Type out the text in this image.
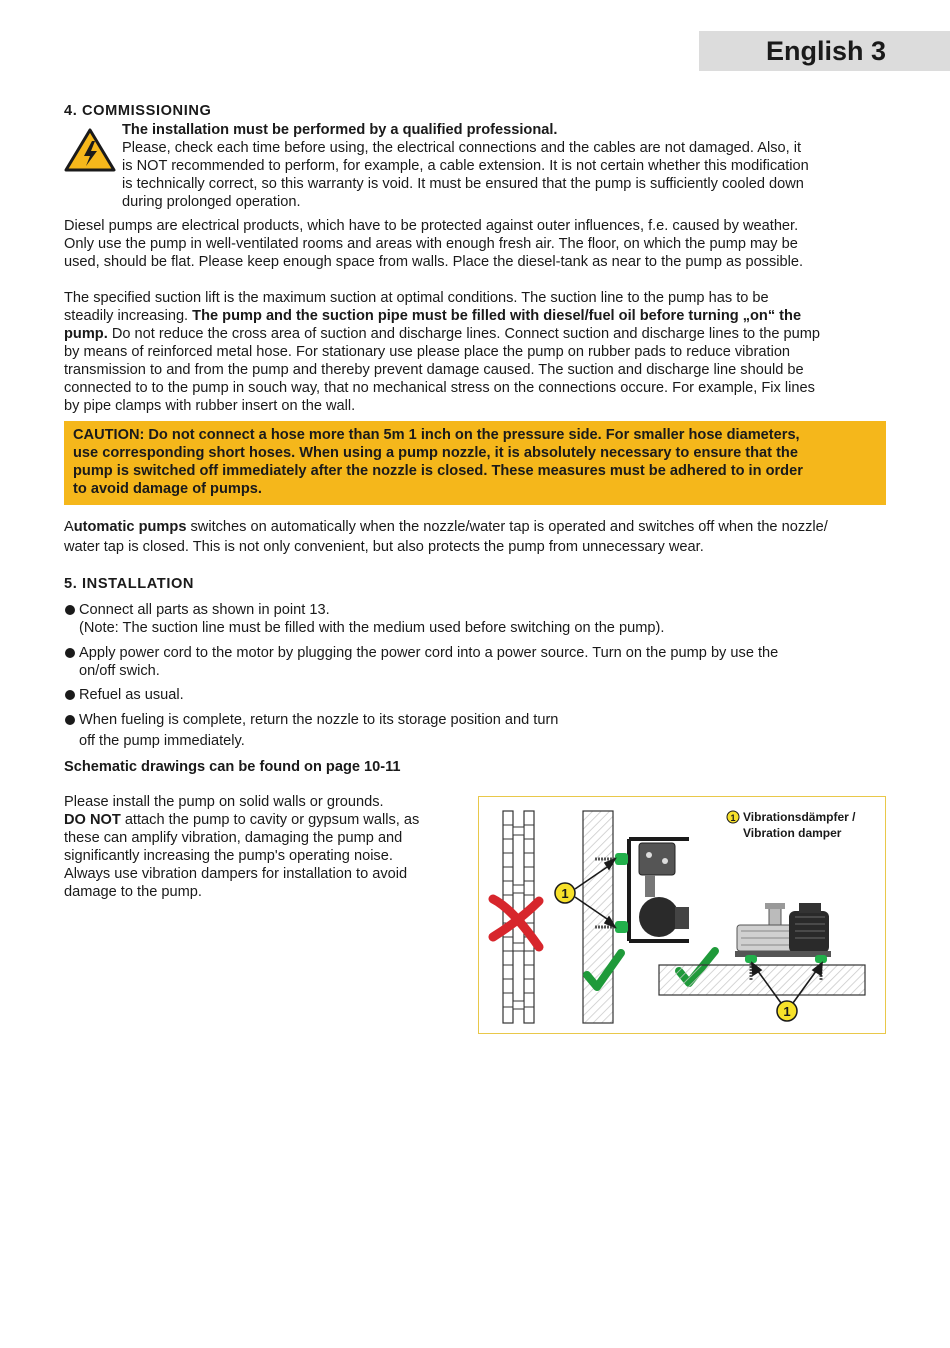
English 3
4. COMMISSIONING
The installation must be performed by a qualified professional.
Please, check each time before using, the electrical connections and the cables are not damaged. Also, it
is NOT recommended to perform, for example, a cable extension. It is not certain whether this modification
is technically correct, so this warranty is void. It must be ensured that the pump is sufficiently cooled down
during prolonged operation.
Diesel pumps are electrical products, which have to be protected against outer influences, f.e. caused by weather.
Only use the pump in well-ventilated rooms and areas with enough fresh air. The floor, on which the pump may be
used, should be flat. Please keep enough space from walls. Place the diesel-tank as near to the pump as possible.
The specified suction lift is the maximum suction at optimal conditions. The suction line to the pump has to be
steadily increasing. The pump and the suction pipe must be filled with diesel/fuel oil before turning „on“ the
pump. Do not reduce the cross area of suction and discharge lines. Connect suction and discharge lines to the pump
by means of reinforced metal hose. For stationary use please place the pump on rubber pads to reduce vibration
transmission to and from the pump and thereby prevent damage caused. The suction and discharge line should be
connected to to the pump in souch way, that no mechanical stress on the connections occure. For example, Fix lines
by pipe clamps with rubber insert on the wall.
CAUTION: Do not connect a hose more than 5m 1 inch on the pressure side. For smaller hose diameters,
use corresponding short hoses. When using a pump nozzle, it is absolutely necessary to ensure that the
pump is switched off immediately after the nozzle is closed. These measures must be adhered to in order
to avoid damage of pumps.
Automatic pumps switches on automatically when the nozzle/water tap is operated and switches off when the nozzle/
water tap is closed. This is not only convenient, but also protects the pump from unnecessary wear.
5. INSTALLATION
Connect all parts as shown in point 13.
(Note: The suction line must be filled with the medium used before switching on the pump).
Apply power cord to the motor by plugging the power cord into a power source. Turn on the pump by use the
on/off swich.
Refuel as usual.
When fueling is complete, return the nozzle to its storage position and turn
off the pump immediately.
Schematic drawings can be found on page 10-11
Please install the pump on solid walls or grounds.
DO NOT attach the pump to cavity or gypsum walls, as
these can amplify vibration, damaging the pump and
significantly increasing the pump's operating noise.
Always use vibration dampers for installation to avoid
damage to the pump.	1
1
1 Vibrationsdämpfer /
Vibration damper
